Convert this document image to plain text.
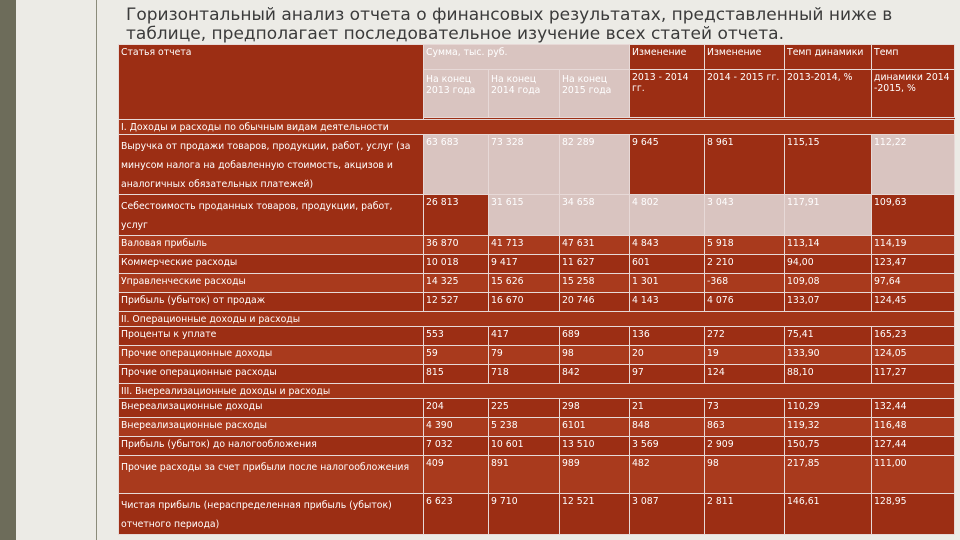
Горизонтальный анализ отчета о финансовых результатах, представленный ниже в
таблице, предполагает последовательное изучение всех статей отчета.
Статья отчета	Сумма, тыс. руб.			Изменение	Изменение	Темп динамики	Темп
	На конец 2013 года	На конец 2014 года	На конец 2015 года	2013 - 2014 гг.	2014 - 2015 гг.	2013-2014, %	динамики 2014 -2015, %

I. Доходы и расходы по обычным видам деятельности							
Выручка от продажи товаров, продукции, работ, услуг (за минусом налога на добавленную стоимость, акцизов и аналогичных обязательных платежей)	63 683	73 328	82 289	9 645	8 961	115,15	112,22
Себестоимость проданных товаров, продукции, работ, услуг	26 813	31 615	34 658	4 802	3 043	117,91	109,63
Валовая прибыль	36 870	41 713	47 631	4 843	5 918	113,14	114,19
Коммерческие расходы	10 018	9 417	11 627	601	2 210	94,00	123,47
Управленческие расходы	14 325	15 626	15 258	1 301	-368	109,08	97,64
Прибыль (убыток) от продаж	12 527	16 670	20 746	4 143	4 076	133,07	124,45
II. Операционные доходы и расходы							
Проценты к уплате	553	417	689	136	272	75,41	165,23
Прочие операционные доходы	59	79	98	20	19	133,90	124,05
Прочие операционные расходы	815	718	842	97	124	88,10	117,27
III. Внереализационные доходы и расходы							
Внереализационные доходы	204	225	298	21	73	110,29	132,44
Внереализационные расходы	4 390	5 238	6101	848	863	119,32	116,48
Прибыль (убыток) до налогообложения	7 032	10 601	13 510	3 569	2 909	150,75	127,44
Прочие расходы за счет прибыли после налогообложения	409	891	989	482	98	217,85	111,00
Чистая прибыль (нераспределенная прибыль (убыток) отчетного периода)	6 623	9 710	12 521	3 087	2 811	146,61	128,95
